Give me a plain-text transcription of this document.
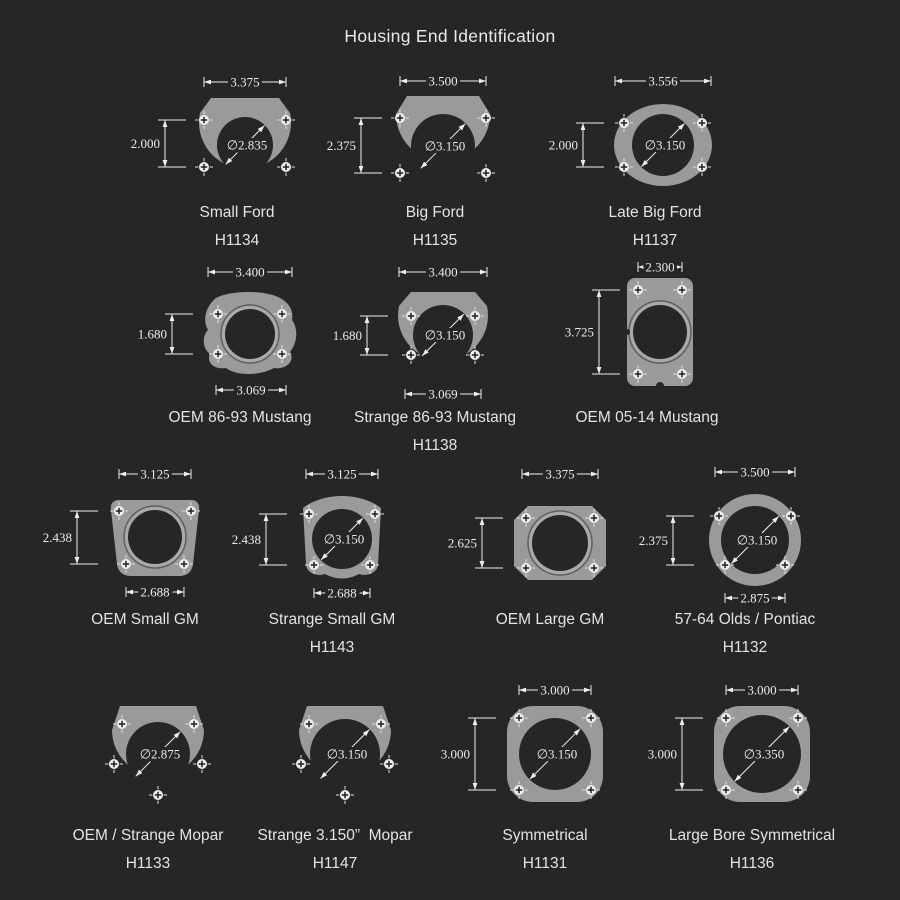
Housing End Identification
3.375
2.000	∅2.835
Small Ford
H1134
3.500
2.375	∅3.150
Big Ford
H1135
3.556
2.000	∅3.150
Late Big Ford
H1137
3.400
1.680
3.069
OEM 86-93 Mustang
3.400
1.680
3.069
∅3.150
Strange 86-93 Mustang
H1138
2.300
3.725
OEM 05-14 Mustang
3.125
2.438
2.688
OEM Small GM
3.125
2.438
2.688
∅3.150
Strange Small GM
H1143
3.375
2.625
OEM Large GM
3.500
2.375
2.875
∅3.150
57-64 Olds / Pontiac
H1132
∅2.875
OEM / Strange Mopar
H1133
∅3.150
Strange 3.150”  Mopar
H1147
3.000
3.000	∅3.150
Symmetrical
H1131
3.000
3.000	∅3.350
Large Bore Symmetrical
H1136
